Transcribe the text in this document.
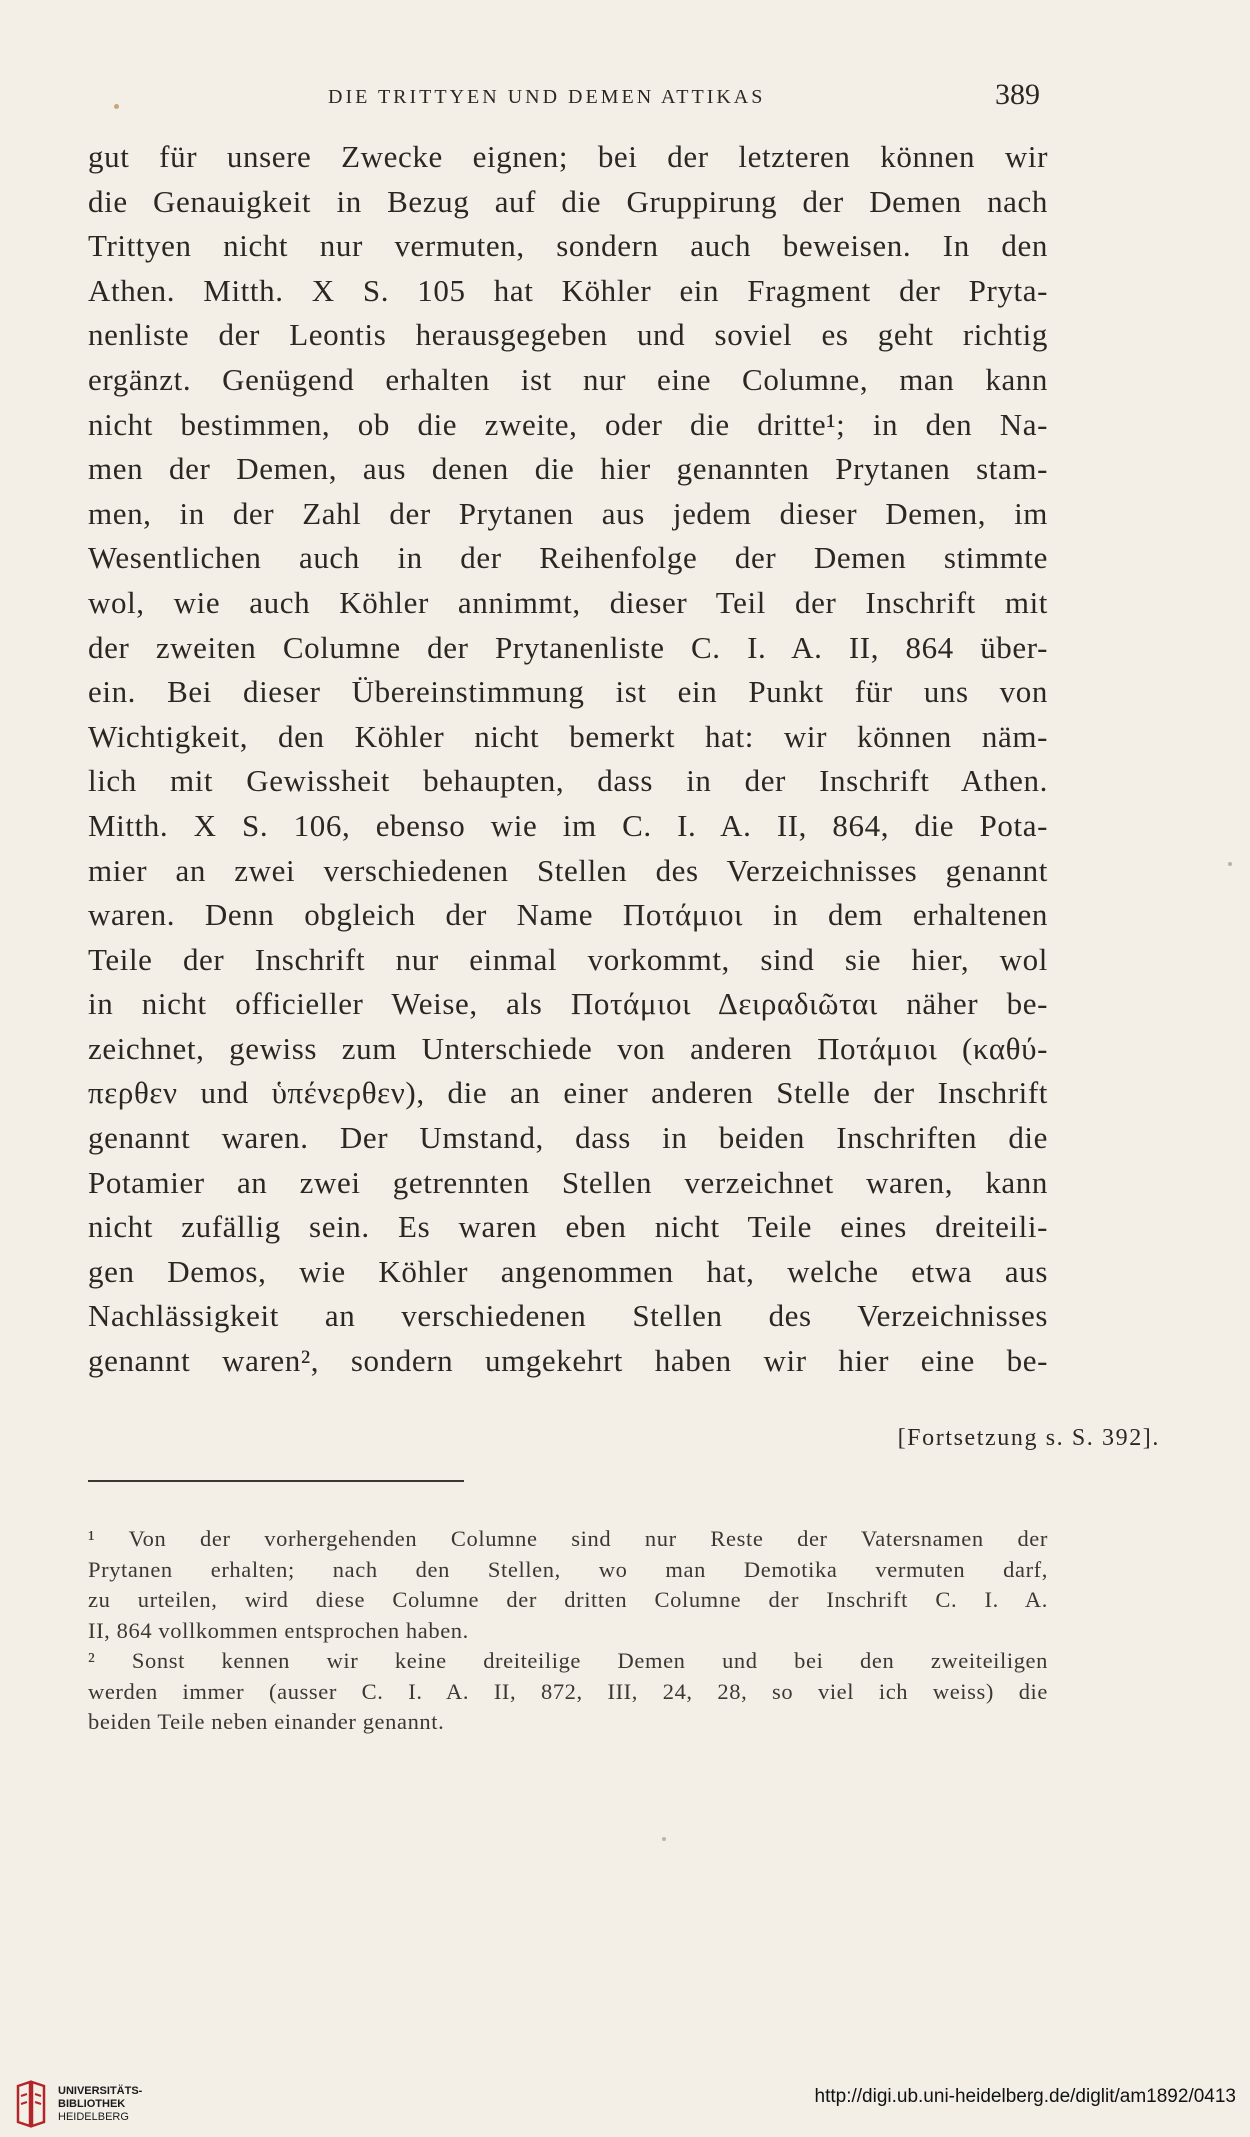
DIE TRITTYEN UND DEMEN ATTIKAS	389
gut für unsere Zwecke eignen; bei der letzteren können wir
die Genauigkeit in Bezug auf die Gruppirung der Demen nach
Trittyen nicht nur vermuten, sondern auch beweisen. In den
Athen. Mitth. X S. 105 hat Köhler ein Fragment der Pryta-
nenliste der Leontis herausgegeben und soviel es geht richtig
ergänzt. Genügend erhalten ist nur eine Columne, man kann
nicht bestimmen, ob die zweite, oder die dritte¹; in den Na-
men der Demen, aus denen die hier genannten Prytanen stam-
men, in der Zahl der Prytanen aus jedem dieser Demen, im
Wesentlichen auch in der Reihenfolge der Demen stimmte
wol, wie auch Köhler annimmt, dieser Teil der Inschrift mit
der zweiten Columne der Prytanenliste C. I. A. II, 864 über-
ein. Bei dieser Übereinstimmung ist ein Punkt für uns von
Wichtigkeit, den Köhler nicht bemerkt hat: wir können näm-
lich mit Gewissheit behaupten, dass in der Inschrift Athen.
Mitth. X S. 106, ebenso wie im C. I. A. II, 864, die Pota-
mier an zwei verschiedenen Stellen des Verzeichnisses genannt
waren. Denn obgleich der Name Ποτάμιοι in dem erhaltenen
Teile der Inschrift nur einmal vorkommt, sind sie hier, wol
in nicht officieller Weise, als Ποτάμιοι Δειραδιῶται näher be-
zeichnet, gewiss zum Unterschiede von anderen Ποτάμιοι (καθύ-
περθεν und ὑπένερθεν), die an einer anderen Stelle der Inschrift
genannt waren. Der Umstand, dass in beiden Inschriften die
Potamier an zwei getrennten Stellen verzeichnet waren, kann
nicht zufällig sein. Es waren eben nicht Teile eines dreiteili-
gen Demos, wie Köhler angenommen hat, welche etwa aus
Nachlässigkeit an verschiedenen Stellen des Verzeichnisses
genannt waren², sondern umgekehrt haben wir hier eine be-
[Fortsetzung s. S. 392].
¹ Von der vorhergehenden Columne sind nur Reste der Vatersnamen der
Prytanen erhalten; nach den Stellen, wo man Demotika vermuten darf,
zu urteilen, wird diese Columne der dritten Columne der Inschrift C. I. A.
II, 864 vollkommen entsprochen haben.
² Sonst kennen wir keine dreiteilige Demen und bei den zweiteiligen
werden immer (ausser C. I. A. II, 872, III, 24, 28, so viel ich weiss) die
beiden Teile neben einander genannt.
UNIVERSITÄTS-
BIBLIOTHEK
HEIDELBERG
http://digi.ub.uni-heidelberg.de/diglit/am1892/0413
